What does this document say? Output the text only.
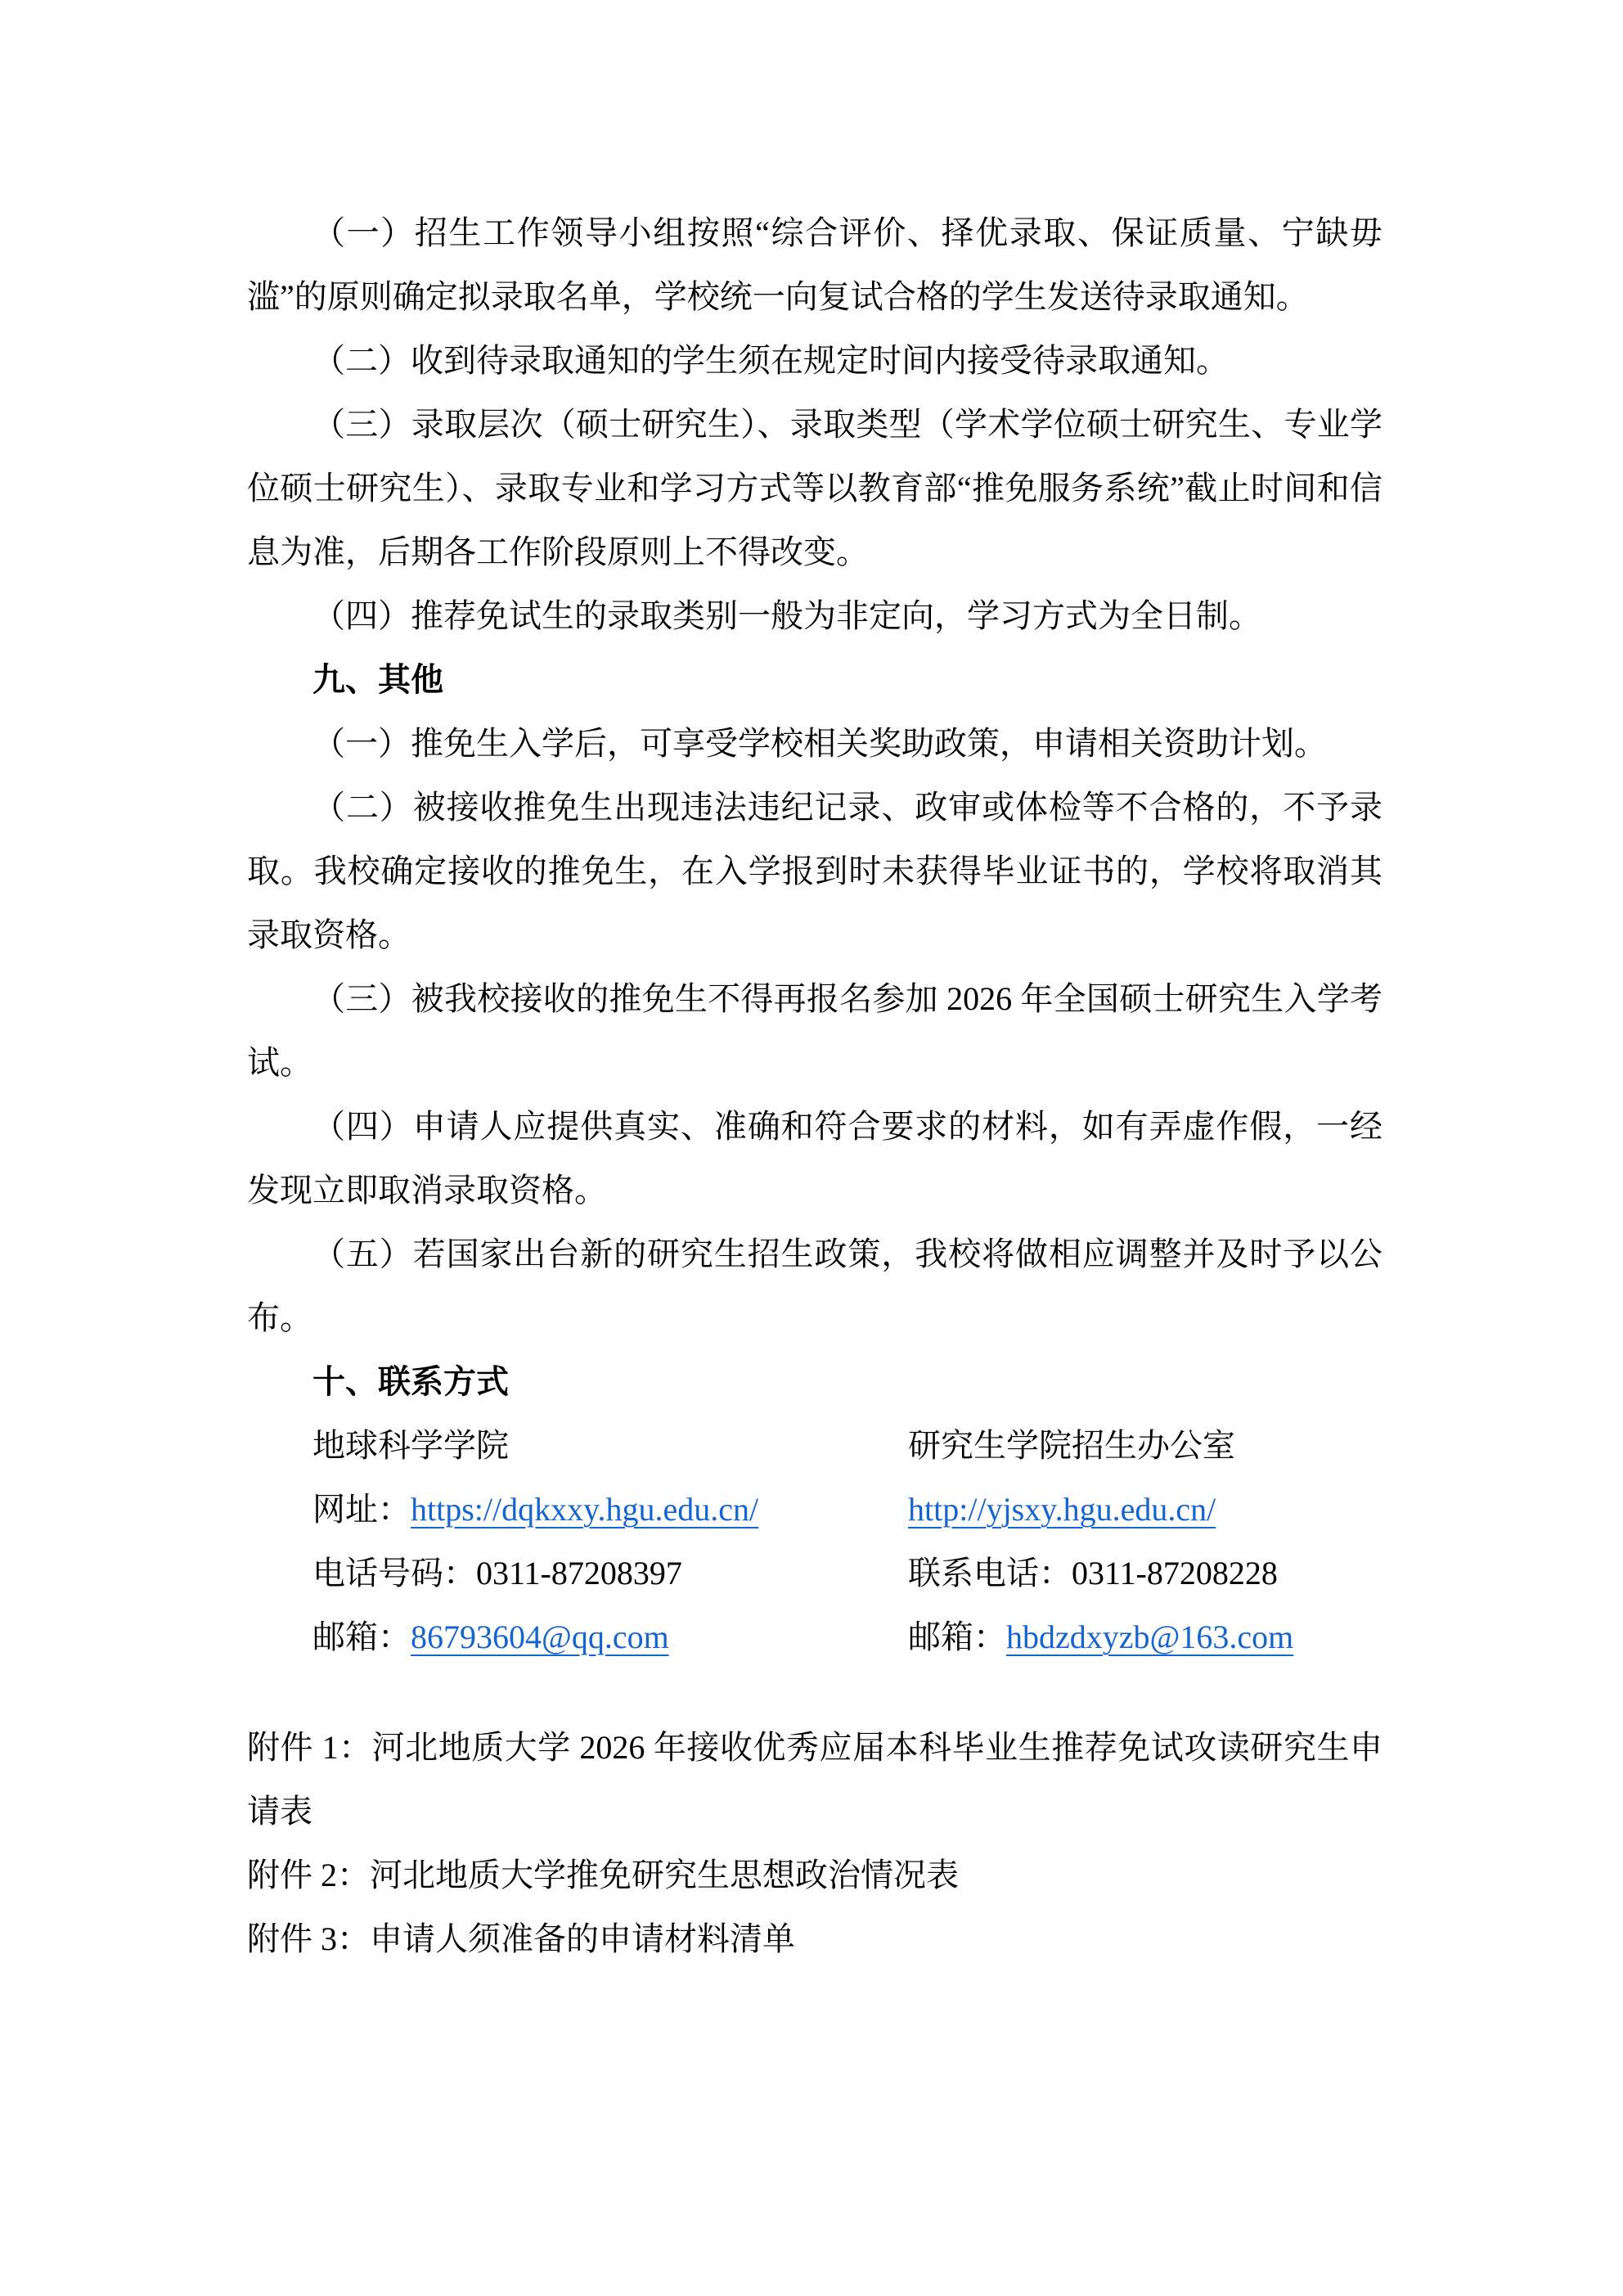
（一）招生工作领导小组按照“综合评价、择优录取、保证质量、宁缺毋滥”的原则确定拟录取名单，学校统一向复试合格的学生发送待录取通知。

（二）收到待录取通知的学生须在规定时间内接受待录取通知。

（三）录取层次（硕士研究生）、录取类型（学术学位硕士研究生、专业学位硕士研究生）、录取专业和学习方式等以教育部“推免服务系统”截止时间和信息为准，后期各工作阶段原则上不得改变。

（四）推荐免试生的录取类别一般为非定向，学习方式为全日制。

九、其他

（一）推免生入学后，可享受学校相关奖助政策，申请相关资助计划。

（二）被接收推免生出现违法违纪记录、政审或体检等不合格的，不予录取。我校确定接收的推免生，在入学报到时未获得毕业证书的，学校将取消其录取资格。

（三）被我校接收的推免生不得再报名参加 2026 年全国硕士研究生入学考试。

（四）申请人应提供真实、准确和符合要求的材料，如有弄虚作假，一经发现立即取消录取资格。

（五）若国家出台新的研究生招生政策，我校将做相应调整并及时予以公布。

十、联系方式

地球科学学院	研究生学院招生办公室
网址：https://dqkxxy.hgu.edu.cn/	http://yjsxy.hgu.edu.cn/
电话号码：0311-87208397	联系电话：0311-87208228
邮箱：86793604@qq.com	邮箱：hbdzdxyzb@163.com

附件 1：河北地质大学 2026 年接收优秀应届本科毕业生推荐免试攻读研究生申请表

附件 2：河北地质大学推免研究生思想政治情况表

附件 3：申请人须准备的申请材料清单
